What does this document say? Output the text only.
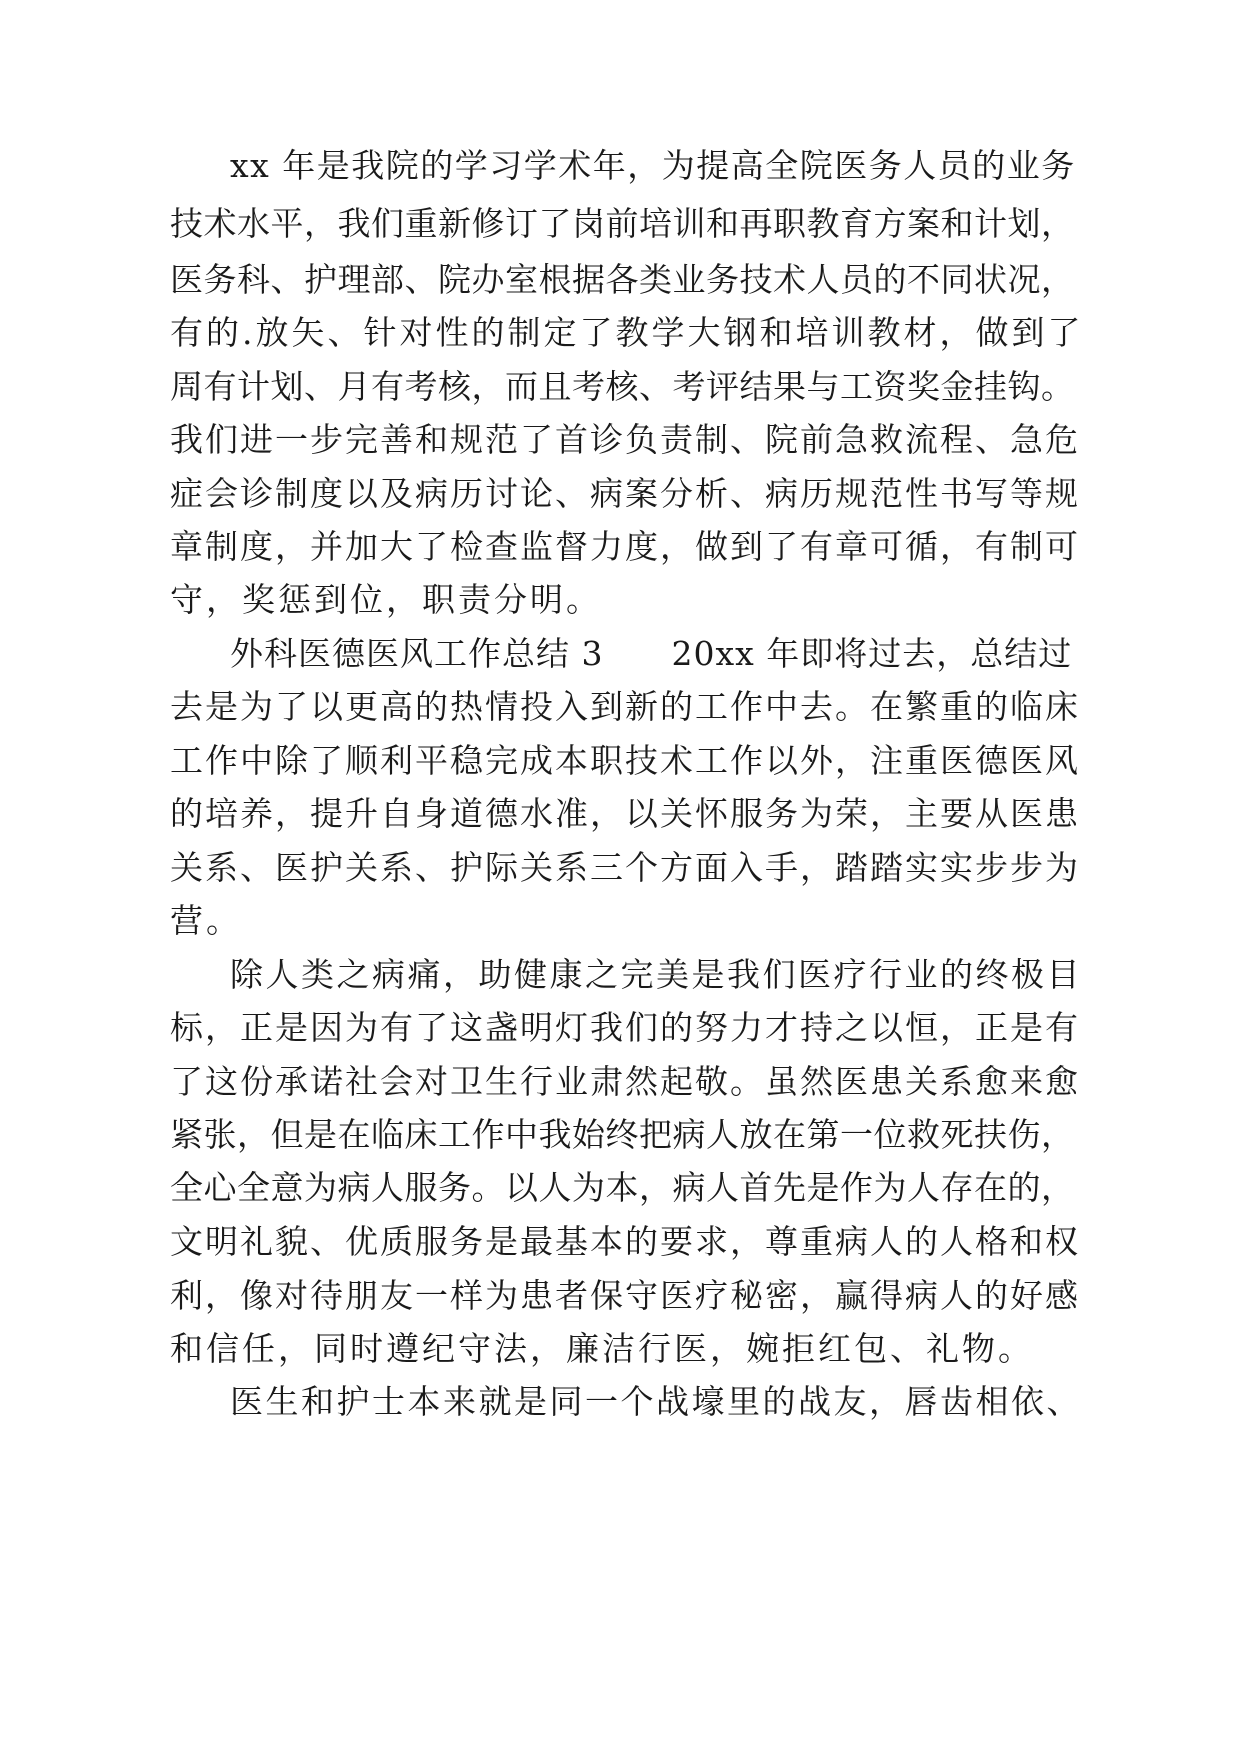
xx 年是我院的学习学术年，为提高全院医务人员的业务
技术水平，我们重新修订了岗前培训和再职教育方案和计划，
医务科、护理部、院办室根据各类业务技术人员的不同状况，
有的.放矢、针对性的制定了教学大钢和培训教材，做到了
周有计划、月有考核，而且考核、考评结果与工资奖金挂钩。
我们进一步完善和规范了首诊负责制、院前急救流程、急危
症会诊制度以及病历讨论、病案分析、病历规范性书写等规
章制度，并加大了检查监督力度，做到了有章可循，有制可
守，奖惩到位，职责分明。
外科医德医风工作总结 3　　20xx 年即将过去，总结过
去是为了以更高的热情投入到新的工作中去。在繁重的临床
工作中除了顺利平稳完成本职技术工作以外，注重医德医风
的培养，提升自身道德水准，以关怀服务为荣，主要从医患
关系、医护关系、护际关系三个方面入手，踏踏实实步步为
营。
除人类之病痛，助健康之完美是我们医疗行业的终极目
标，正是因为有了这盏明灯我们的努力才持之以恒，正是有
了这份承诺社会对卫生行业肃然起敬。虽然医患关系愈来愈
紧张，但是在临床工作中我始终把病人放在第一位救死扶伤，
全心全意为病人服务。以人为本，病人首先是作为人存在的，
文明礼貌、优质服务是最基本的要求，尊重病人的人格和权
利，像对待朋友一样为患者保守医疗秘密，赢得病人的好感
和信任，同时遵纪守法，廉洁行医，婉拒红包、礼物。
医生和护士本来就是同一个战壕里的战友，唇齿相依、
